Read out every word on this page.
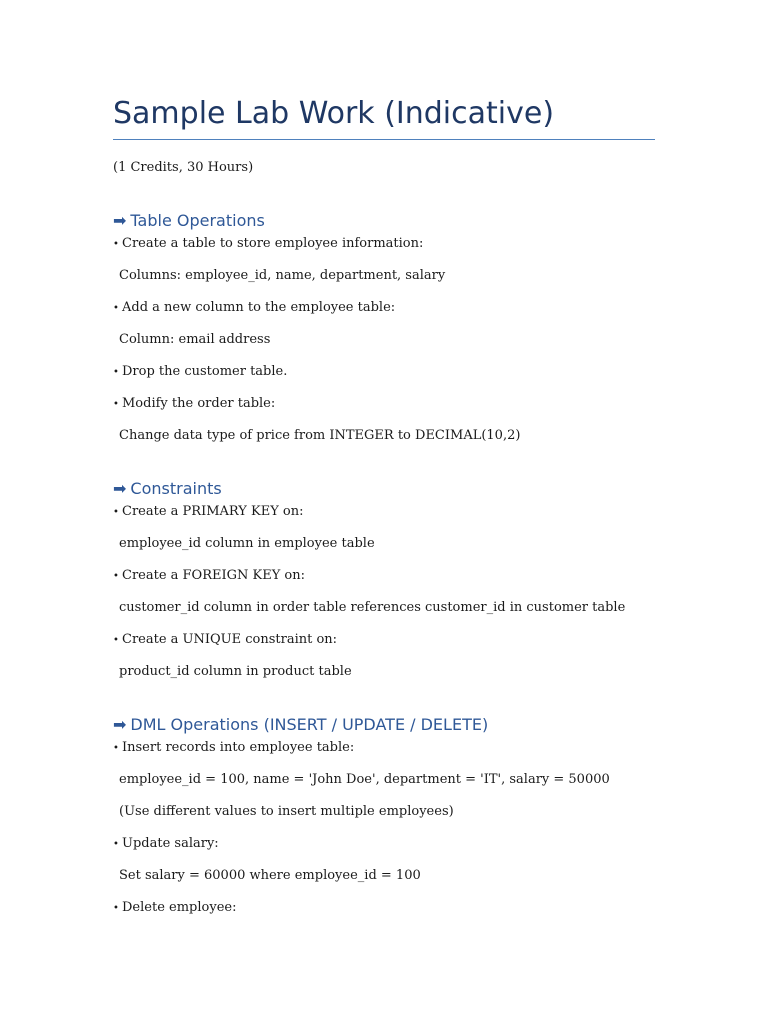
Sample Lab Work (Indicative)
(1 Credits, 30 Hours)
➡ Table Operations
• Create a table to store employee information:
Columns: employee_id, name, department, salary
• Add a new column to the employee table:
Column: email address
• Drop the customer table.
• Modify the order table:
Change data type of price from INTEGER to DECIMAL(10,2)
➡ Constraints
• Create a PRIMARY KEY on:
employee_id column in employee table
• Create a FOREIGN KEY on:
customer_id column in order table references customer_id in customer table
• Create a UNIQUE constraint on:
product_id column in product table
➡ DML Operations (INSERT / UPDATE / DELETE)
• Insert records into employee table:
employee_id = 100, name = 'John Doe', department = 'IT', salary = 50000
(Use different values to insert multiple employees)
• Update salary:
Set salary = 60000 where employee_id = 100
• Delete employee:
